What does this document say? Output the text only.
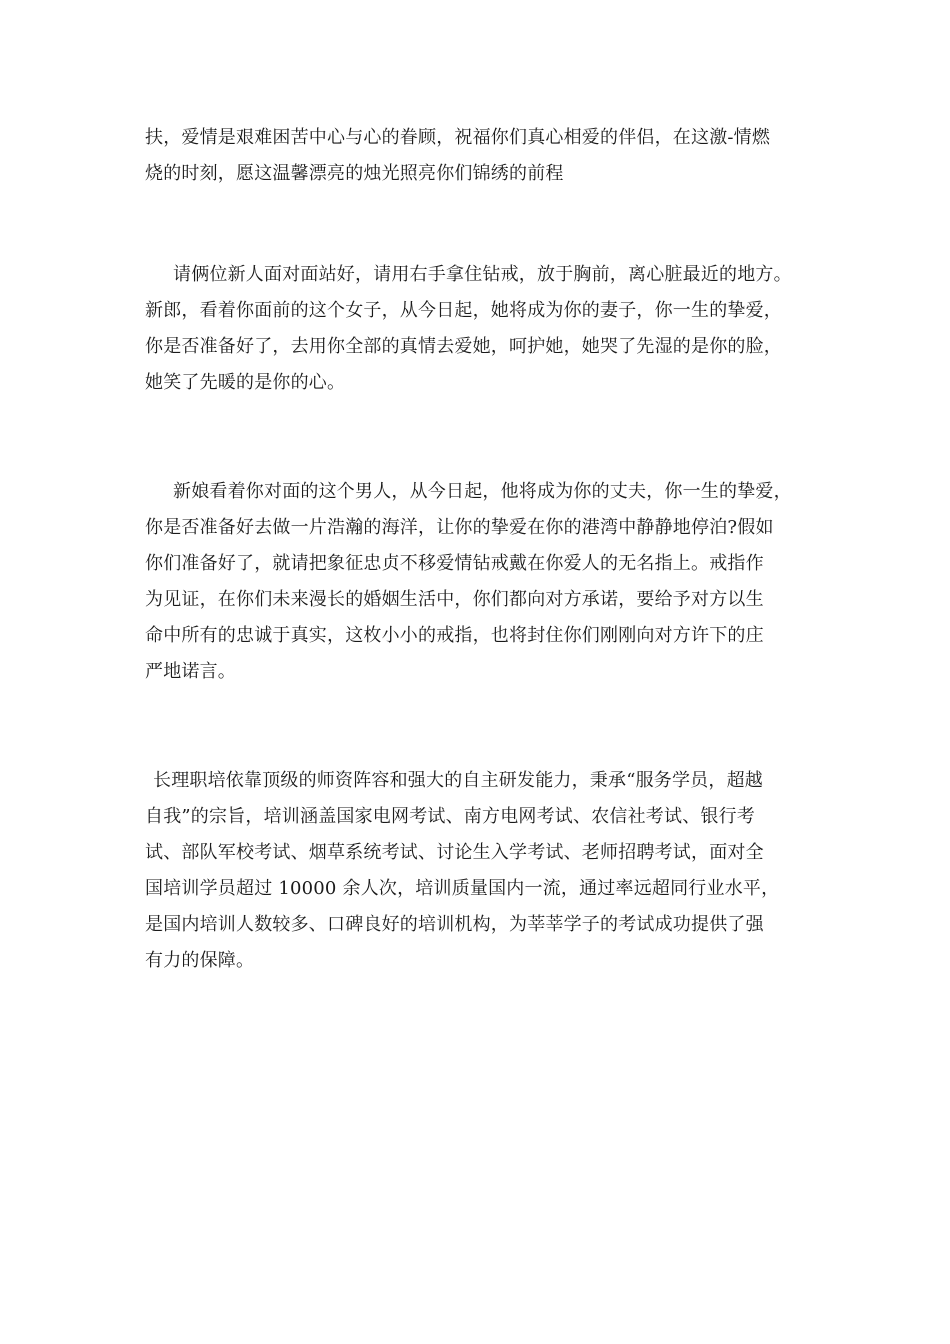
扶，爱情是艰难困苦中心与心的眷顾，祝福你们真心相爱的伴侣，在这激-情燃
烧的时刻，愿这温馨漂亮的烛光照亮你们锦绣的前程
请俩位新人面对面站好，请用右手拿住钻戒，放于胸前，离心脏最近的地方。
新郎，看着你面前的这个女子，从今日起，她将成为你的妻子，你一生的挚爱，
你是否准备好了，去用你全部的真情去爱她，呵护她，她哭了先湿的是你的脸，
她笑了先暖的是你的心。
新娘看着你对面的这个男人，从今日起，他将成为你的丈夫，你一生的挚爱，
你是否准备好去做一片浩瀚的海洋，让你的挚爱在你的港湾中静静地停泊?假如
你们准备好了，就请把象征忠贞不移爱情钻戒戴在你爱人的无名指上。戒指作
为见证，在你们未来漫长的婚姻生活中，你们都向对方承诺，要给予对方以生
命中所有的忠诚于真实，这枚小小的戒指，也将封住你们刚刚向对方许下的庄
严地诺言。
长理职培依靠顶级的师资阵容和强大的自主研发能力，秉承“服务学员，超越
自我”的宗旨，培训涵盖国家电网考试、南方电网考试、农信社考试、银行考
试、部队军校考试、烟草系统考试、讨论生入学考试、老师招聘考试，面对全
国培训学员超过 10000 余人次，培训质量国内一流，通过率远超同行业水平，
是国内培训人数较多、口碑良好的培训机构，为莘莘学子的考试成功提供了强
有力的保障。
